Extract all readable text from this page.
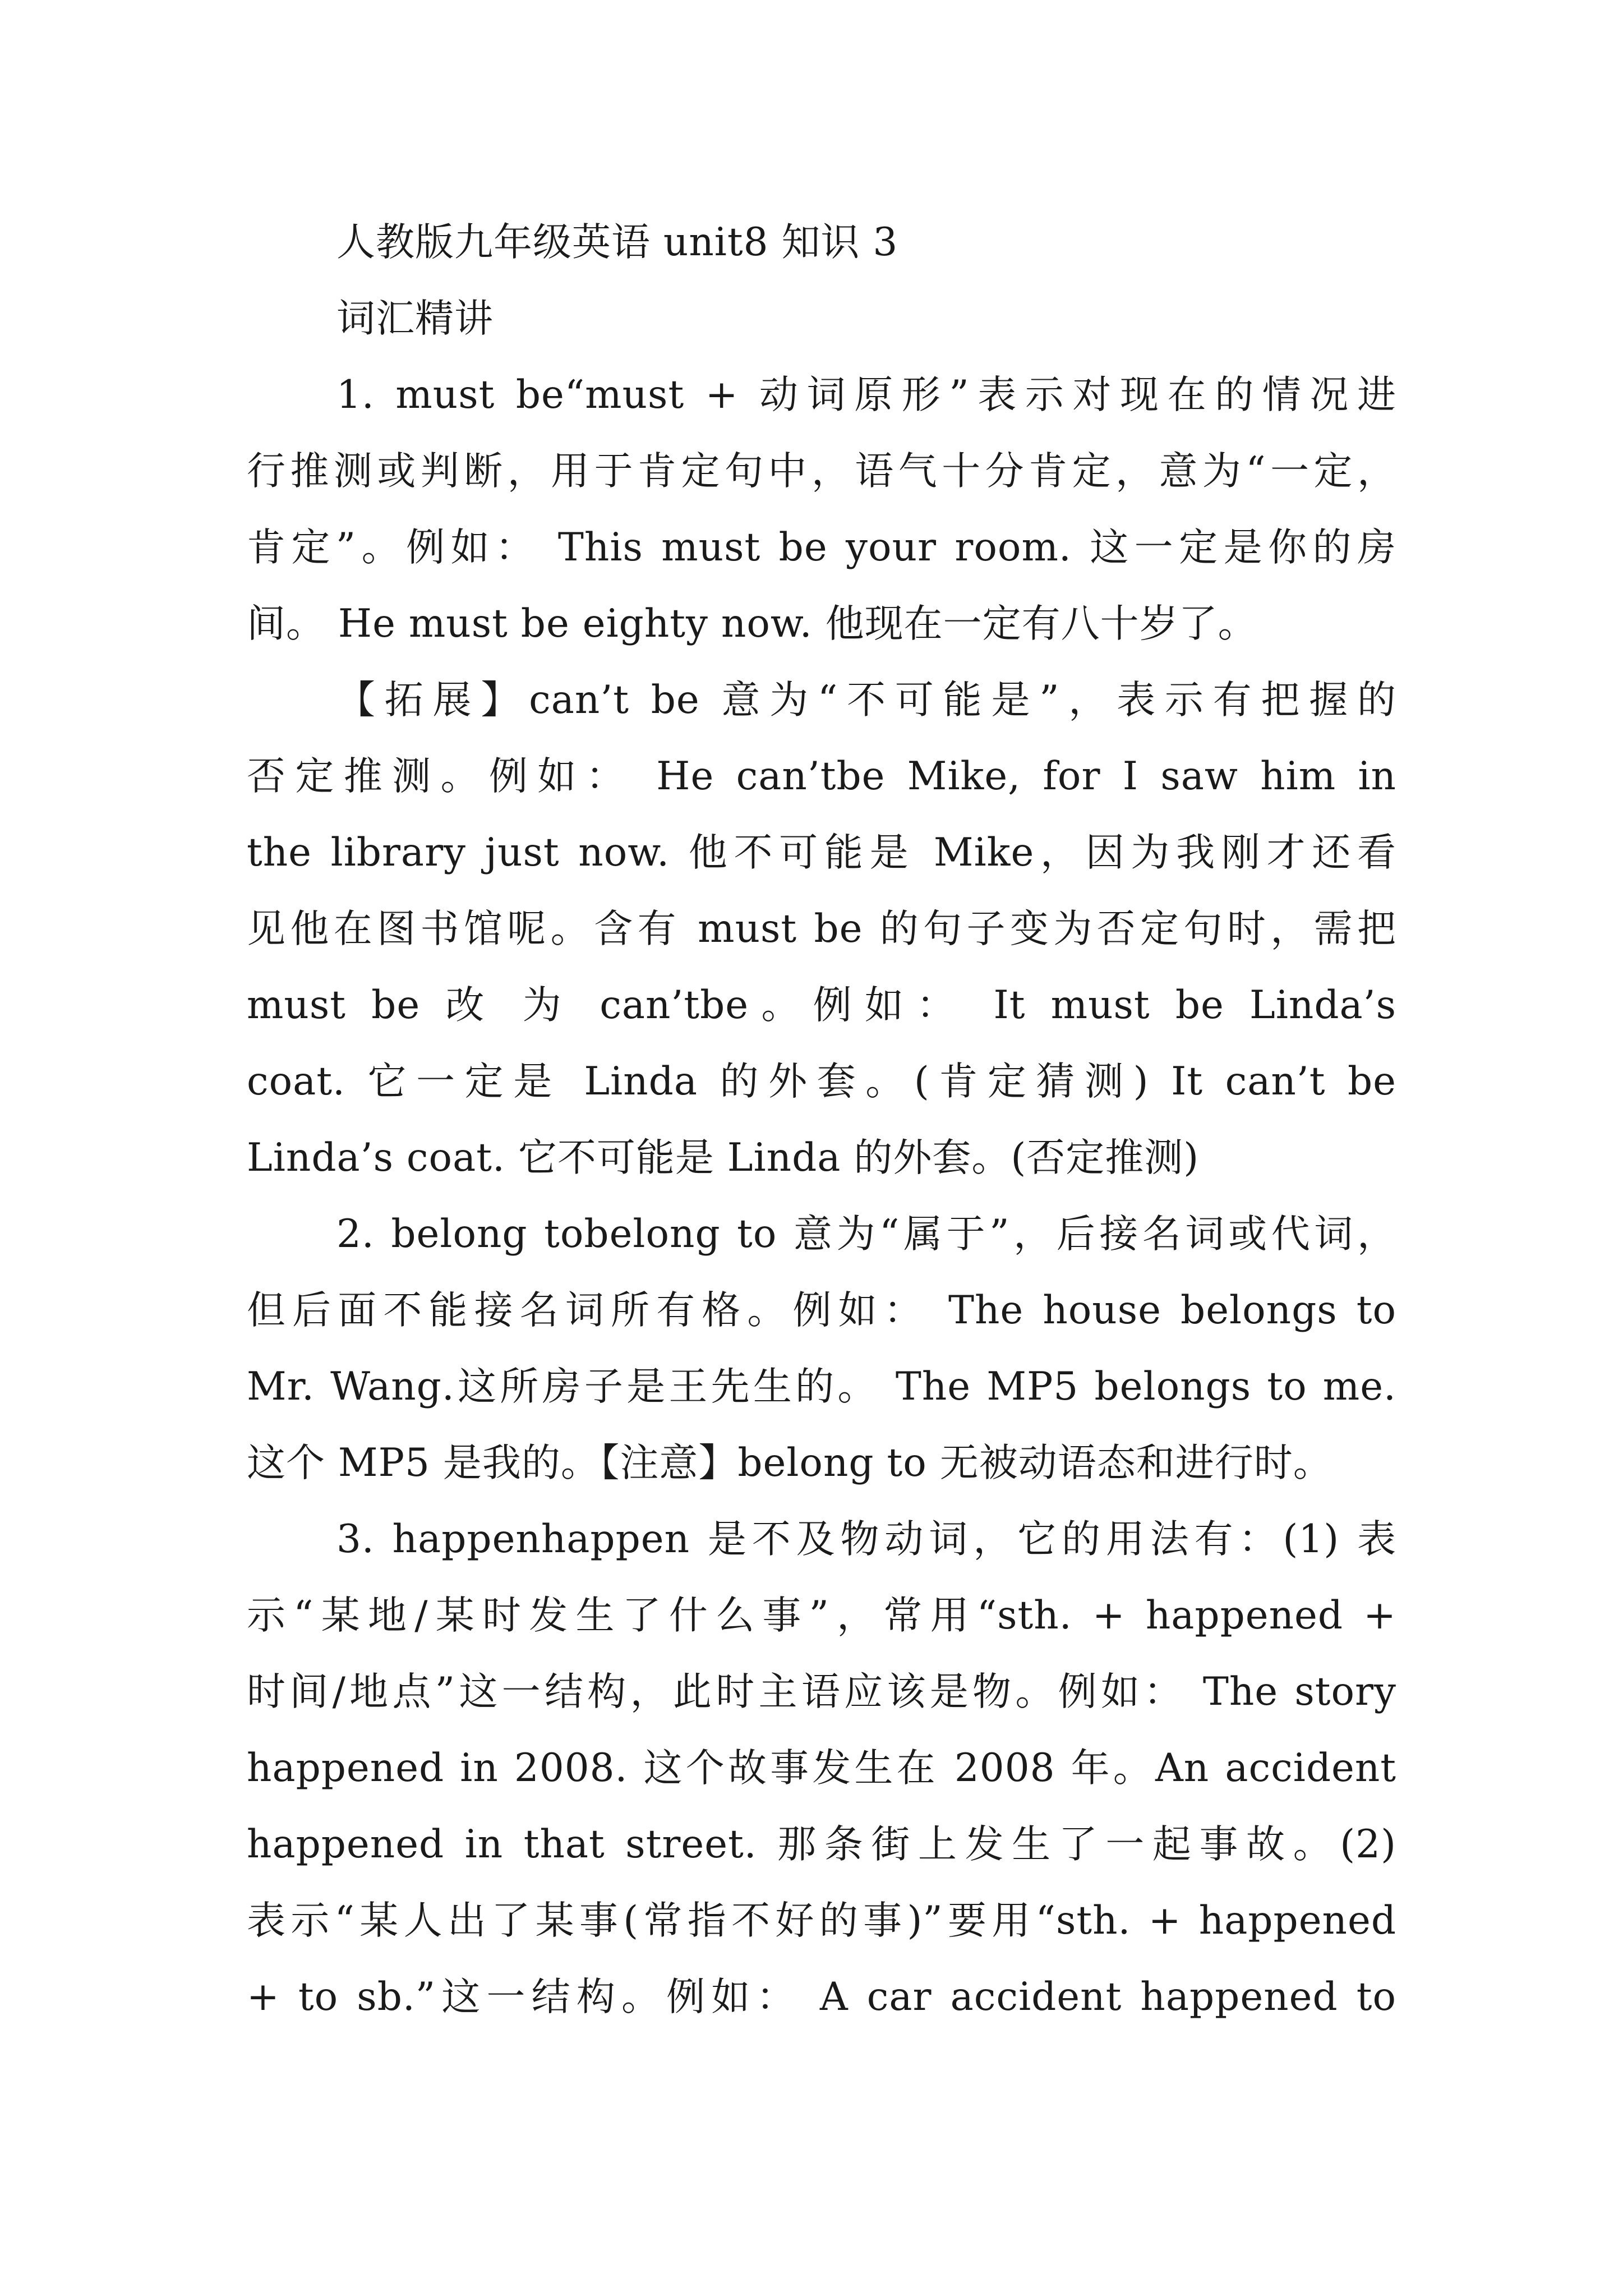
人教版九年级英语 unit8 知识 3
词汇精讲
1. must be“must + 动词原形”表示对现在的情况进
行推测或判断，用于肯定句中，语气十分肯定，意为“一定，
肯定”。例如： This must be your room. 这一定是你的房
间。 He must be eighty now. 他现在一定有八十岁了。
【拓展】can’t be 意为“不可能是”，表示有把握的
否定推测。例如： He can’tbe Mike, for I saw him in
the library just now. 他不可能是 Mike，因为我刚才还看
见他在图书馆呢。含有 must be 的句子变为否定句时，需把
must be 改 为 can’tbe。例如： It must be Linda’s
coat. 它一定是 Linda 的外套。(肯定猜测) It can’t be
Linda’s coat. 它不可能是 Linda 的外套。(否定推测)
2. belong tobelong to 意为“属于”，后接名词或代词，
但后面不能接名词所有格。例如： The house belongs to
Mr. Wang.这所房子是王先生的。 The MP5 belongs to me.
这个 MP5 是我的。【注意】belong to 无被动语态和进行时。
3. happenhappen 是不及物动词，它的用法有：(1) 表
示“某地/某时发生了什么事”，常用“sth. + happened +
时间/地点”这一结构，此时主语应该是物。例如： The story
happened in 2008. 这个故事发生在 2008 年。An accident
happened in that street. 那条街上发生了一起事故。(2)
表示“某人出了某事(常指不好的事)”要用“sth. + happened
+ to sb.”这一结构。例如： A car accident happened to
